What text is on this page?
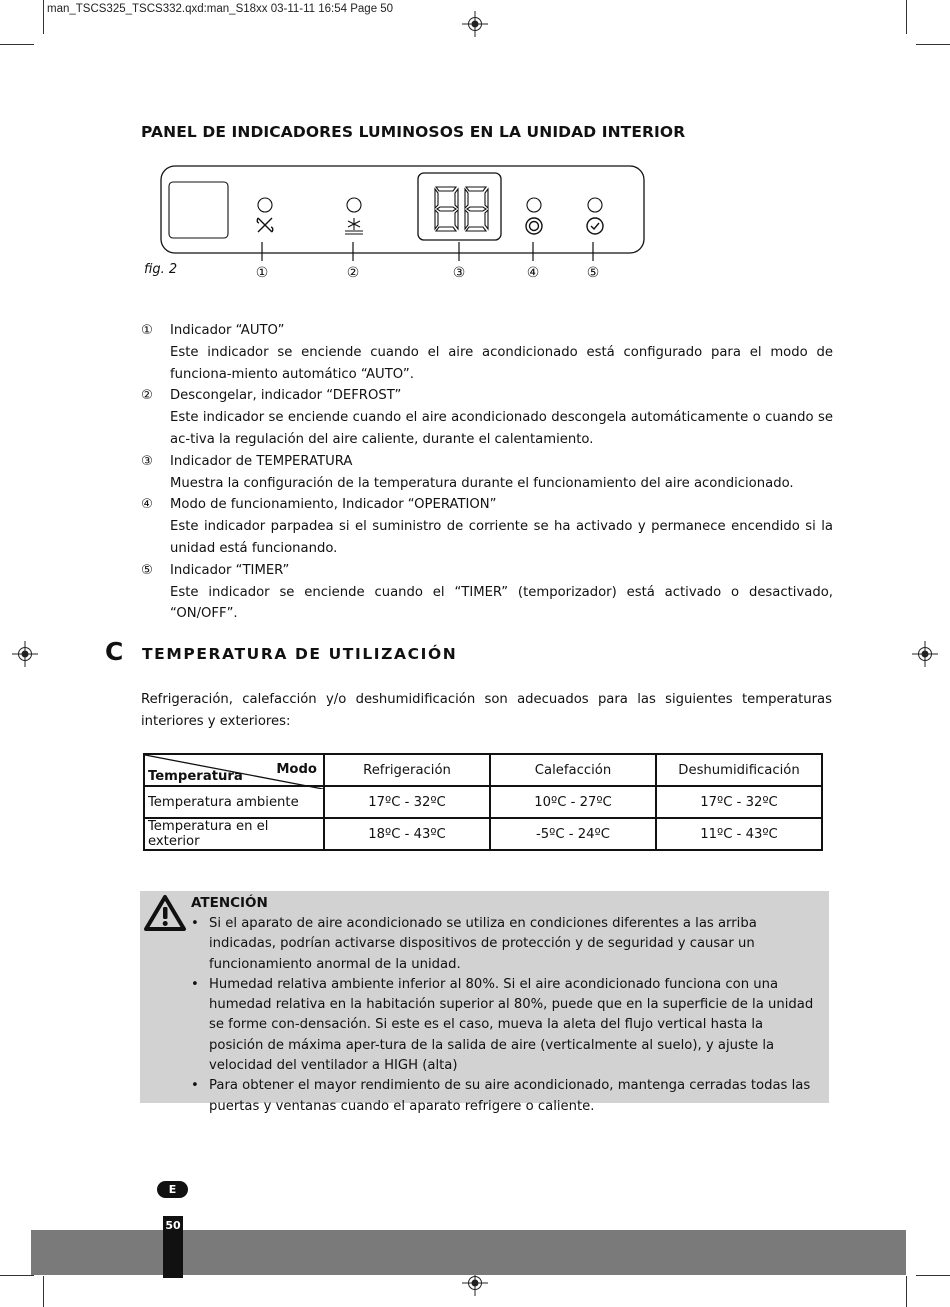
man_TSCS325_TSCS332.qxd:man_S18xx 03-11-11 16:54 Page 50
PANEL DE INDICADORES LUMINOSOS EN LA UNIDAD INTERIOR
①	②	③	④	⑤
fig. 2
① Indicador “AUTO”
Este indicador se enciende cuando el aire acondicionado está configurado para el modo de funciona-miento automático “AUTO”.
② Descongelar, indicador “DEFROST”
Este indicador se enciende cuando el aire acondicionado descongela automáticamente o cuando se ac-tiva la regulación del aire caliente, durante el calentamiento.
③ Indicador de TEMPERATURA
Muestra la configuración de la temperatura durante el funcionamiento del aire acondicionado.
④ Modo de funcionamiento, Indicador “OPERATION”
Este indicador parpadea si el suministro de corriente se ha activado y permanece encendido si la unidad está funcionando.
⑤ Indicador “TIMER”
Este indicador se enciende cuando el “TIMER” (temporizador) está activado o desactivado, “ON/OFF”.
C TEMPERATURA DE UTILIZACIÓN
Refrigeración, calefacción y/o deshumidificación son adecuados para las siguientes temperaturas interiores y exteriores:
Modo
Temperatura	Refrigeración	Calefacción	Deshumidificación
Temperatura ambiente	17ºC - 32ºC	10ºC - 27ºC	17ºC - 32ºC
Temperatura en el exterior	18ºC - 43ºC	-5ºC - 24ºC	11ºC - 43ºC
ATENCIÓN
• Si el aparato de aire acondicionado se utiliza en condiciones diferentes a las arriba indicadas, podrían activarse dispositivos de protección y de seguridad y causar un funcionamiento anormal de la unidad.
• Humedad relativa ambiente inferior al 80%. Si el aire acondicionado funciona con una humedad relativa en la habitación superior al 80%, puede que en la superficie de la unidad se forme con-densación. Si este es el caso, mueva la aleta del flujo vertical hasta la posición de máxima aper-tura de la salida de aire (verticalmente al suelo), y ajuste la velocidad del ventilador a HIGH (alta)
• Para obtener el mayor rendimiento de su aire acondicionado, mantenga cerradas todas las puertas y ventanas cuando el aparato refrigere o caliente.
E
50
